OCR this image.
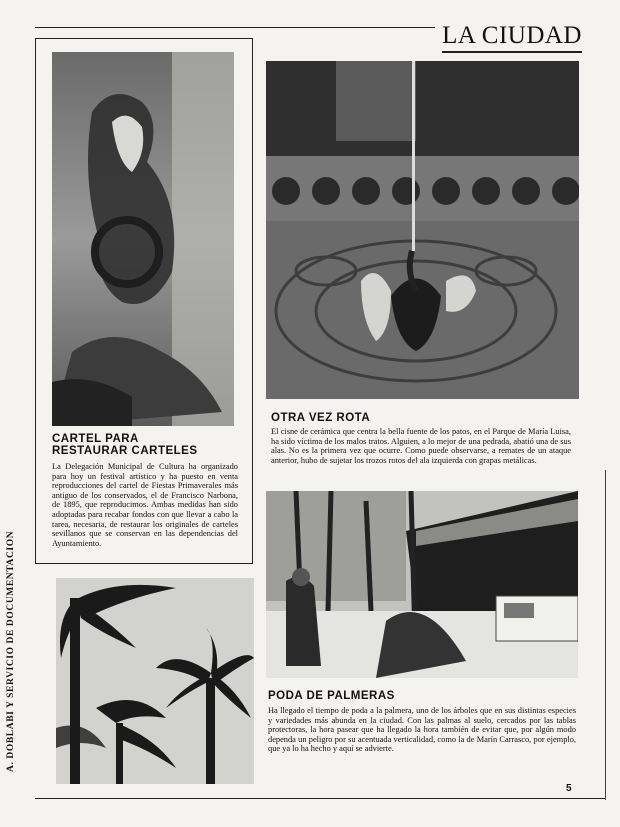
LA CIUDAD
A. DOBLABI Y SERVICIO DE DOCUMENTACION
CARTEL PARA
RESTAURAR CARTELES
La Delegación Municipal de Cultura ha organizado para hoy un festival artístico y ha puesto en venta reproducciones del cartel de Fiestas Primaverales más antiguo de los conservados, el de Francisco Narbona, de 1895, que reproducimos. Ambas medidas han sido adoptadas para recabar fondos con que llevar a cabo la tarea, necesaria, de restaurar los originales de carteles sevillanos que se conservan en las dependencias del Ayuntamiento.
OTRA VEZ ROTA
El cisne de cerámica que centra la bella fuente de los patos, en el Parque de María Luisa, ha sido víctima de los malos tratos. Alguien, a lo mejor de una pedrada, abatió una de sus alas. No es la primera vez que ocurre. Como puede observarse, a remates de un ataque anterior, hubo de sujetar los trozos rotos del ala izquierda con grapas metálicas.
PODA DE PALMERAS
Ha llegado el tiempo de poda a la palmera, uno de los árboles que en sus distintas especies y variedades más abunda en la ciudad. Con las palmas al suelo, cercados por las tablas protectoras, la hora pasear que ha llegado la hora también de evitar que, por algún modo dependa un peligro por su acentuada verticalidad, como la de Marín Carrasco, por ejemplo, que ya lo ha hecho y aquí se advierte.
5
